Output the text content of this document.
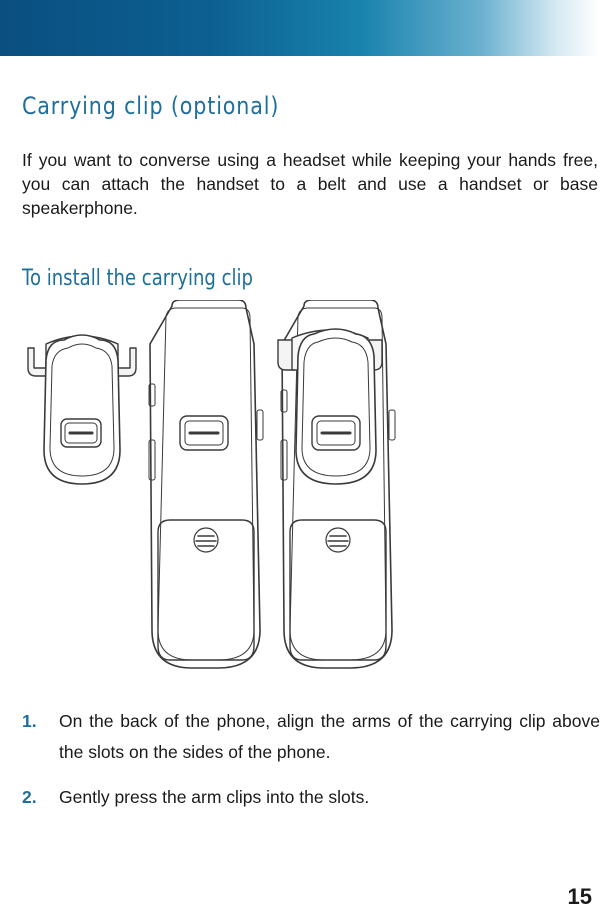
Carrying clip (optional)

If you want to converse using a headset while keeping your hands free, you can attach the handset to a belt and use a handset or base speakerphone.

To install the carrying clip
1. On the back of the phone, align the arms of the carrying clip above the slots on the sides of the phone.
2. Gently press the arm clips into the slots.
15
